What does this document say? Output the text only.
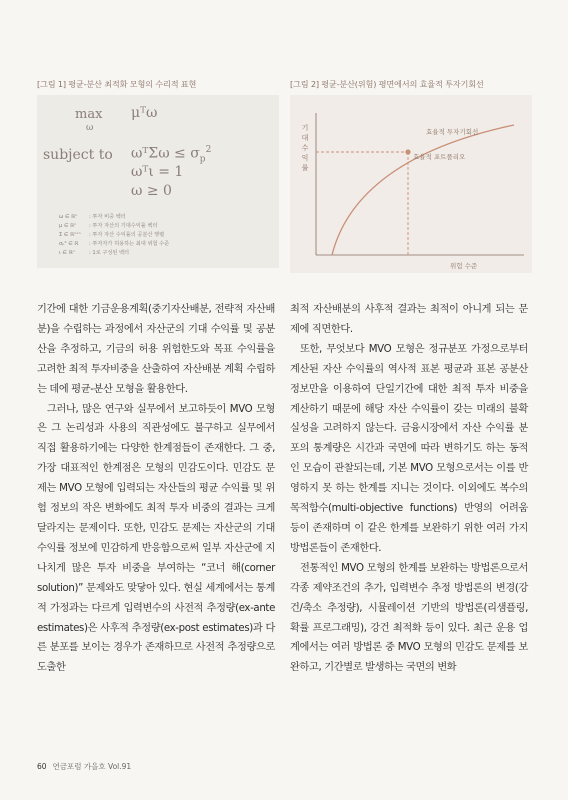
[그림 1] 평균-분산 최적화 모형의 수리적 표현
max
ω
μᵀω
subject to ωᵀΣω ≤ $\sigma_p^2$
ωᵀι = 1
ω ≥ 0
ω ∈ ℝⁿ : 투자 비중 벡터
μ ∈ ℝⁿ : 투자 자산의 기대수익률 벡터
Σ ∈ ℝⁿˣⁿ : 투자 자산 수익률의 공분산 행렬
σₚ² ∈ ℝ : 투자자가 허용하는 최대 위험 수준
ι ∈ ℝⁿ	: 1로 구성된 벡터
[그림 2] 평균-분산(위험) 평면에서의 효율적 투자기회선
기
대
수
익
률
효율적 투자기회선
효율적 포트폴리오
위험 수준

기간에 대한 기금운용계획(중기자산배분, 전략적 자산배분)을 수립하는 과정에서 자산군의 기대 수익률 및 공분산을 추정하고, 기금의 허용 위험한도와 목표 수익률을 고려한 최적 투자비중을 산출하여 자산배분 계획 수립하는 데에 평균-분산 모형을 활용한다.

그러나, 많은 연구와 실무에서 보고하듯이 MVO 모형은 그 논리성과 사용의 직관성에도 불구하고 실무에서 직접 활용하기에는 다양한 한계점들이 존재한다. 그 중, 가장 대표적인 한계점은 모형의 민감도이다. 민감도 문제는 MVO 모형에 입력되는 자산들의 평균 수익률 및 위험 정보의 작은 변화에도 최적 투자 비중의 결과는 크게 달라지는 문제이다. 또한, 민감도 문제는 자산군의 기대 수익률 정보에 민감하게 반응함으로써 일부 자산군에 지나치게 많은 투자 비중을 부여하는 “코너 해(corner solution)” 문제와도 맞닿아 있다. 현실 세계에서는 통계적 가정과는 다르게 입력변수의 사전적 추정량(ex-ante estimates)은 사후적 추정량(ex-post estimates)과 다른 분포를 보이는 경우가 존재하므로 사전적 추정량으로 도출한

최적 자산배분의 사후적 결과는 최적이 아니게 되는 문제에 직면한다.

또한, 무엇보다 MVO 모형은 정규분포 가정으로부터 계산된 자산 수익률의 역사적 표본 평균과 표본 공분산 정보만을 이용하여 단일기간에 대한 최적 투자 비중을 계산하기 때문에 해당 자산 수익률이 갖는 미래의 불확실성을 고려하지 않는다. 금융시장에서 자산 수익률 분포의 통계량은 시간과 국면에 따라 변하기도 하는 동적인 모습이 관찰되는데, 기본 MVO 모형으로서는 이를 반영하지 못 하는 한계를 지니는 것이다. 이외에도 복수의 목적함수(multi-objective functions) 반영의 어려움 등이 존재하며 이 같은 한계를 보완하기 위한 여러 가지 방법론들이 존재한다.

전통적인 MVO 모형의 한계를 보완하는 방법론으로서 각종 제약조건의 추가, 입력변수 추정 방법론의 변경(강건/축소 추정량), 시뮬레이션 기반의 방법론(리샘플링, 확률 프로그래밍), 강건 최적화 등이 있다. 최근 운용 업계에서는 여러 방법론 중 MVO 모형의 민감도 문제를 보완하고, 기간별로 발생하는 국면의 변화

60 연금포럼 가을호 Vol.91
